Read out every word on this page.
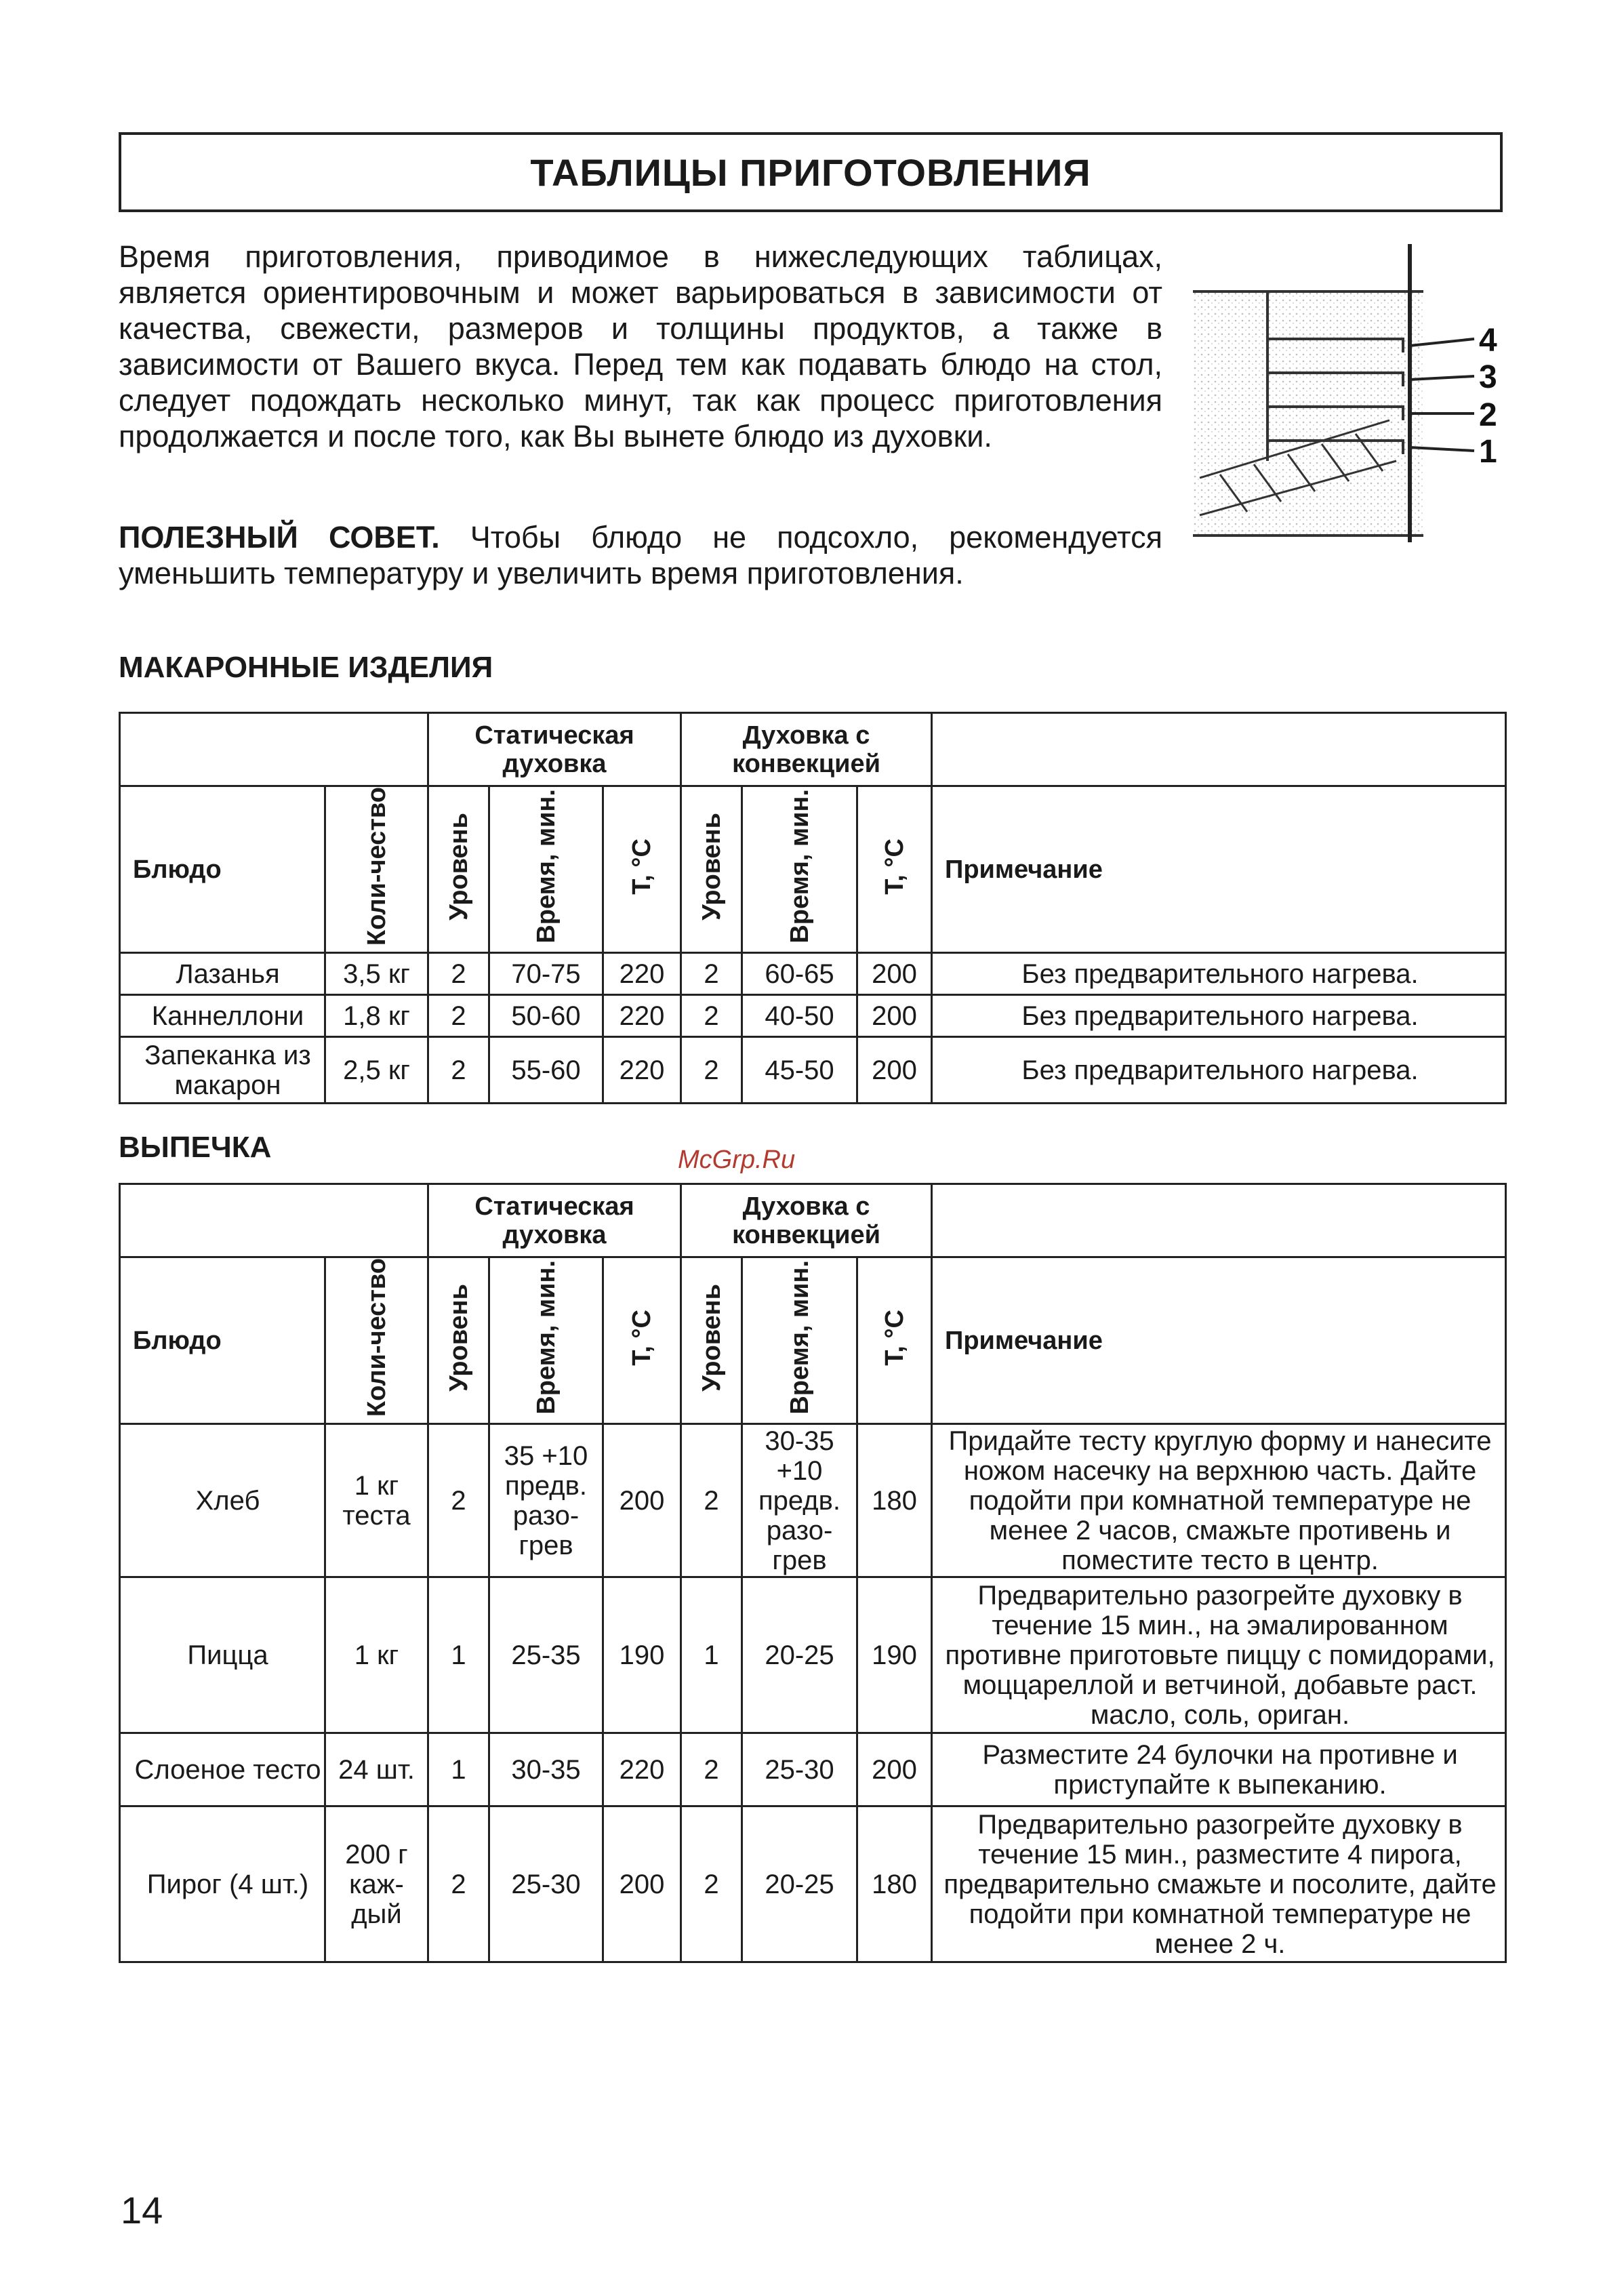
ТАБЛИЦЫ ПРИГОТОВЛЕНИЯ

Время приготовления, приводимое в нижеследующих таблицах, является ориентировочным и может варьироваться в зависимости от качества, свежести, размеров и толщины продуктов, а также в зависимости от Вашего вкуса. Перед тем как подавать блюдо на стол, следует подождать несколько минут, так как процесс приготовления продолжается и после того, как Вы вынете блюдо из духовки.

ПОЛЕЗНЫЙ СОВЕТ. Чтобы блюдо не подсохло, рекомендуется уменьшить температуру и увеличить время приготовления.

4
3
2
1
МАКАРОННЫЕ ИЗДЕЛИЯ
		Статическая духовка			Духовка с конвекцией			
Блюдо	Коли-чество	Уровень	Время, мин.	T, °C	Уровень	Время, мин.	T, °C	Примечание
Лазанья	3,5 кг	2	70-75	220	2	60-65	200	Без предварительного нагрева.
Каннеллони	1,8 кг	2	50-60	220	2	40-50	200	Без предварительного нагрева.
Запеканка из макарон	2,5 кг	2	55-60	220	2	45-50	200	Без предварительного нагрева.
ВЫПЕЧКА	McGrp.Ru
		Статическая духовка			Духовка с конвекцией			
Блюдо	Коли-чество	Уровень	Время, мин.	T, °C	Уровень	Время, мин.	T, °C	Примечание
Хлеб	1 кг теста	2	35 +10 предв. разо-грев	200	2	30-35 +10 предв. разо-грев	180	Придайте тесту круглую форму и нанесите ножом насечку на верхнюю часть. Дайте подойти при комнатной температуре не менее 2 часов, смажьте противень и поместите тесто в центр.
Пицца	1 кг	1	25-35	190	1	20-25	190	Предварительно разогрейте духовку в течение 15 мин., на эмалированном противне приготовьте пиццу с помидорами, моццареллой и ветчиной, добавьте раст. масло, соль, ориган.
Слоеное тесто	24 шт.	1	30-35	220	2	25-30	200	Разместите 24 булочки на противне и приступайте к выпеканию.
Пирог (4 шт.)	200 г каж-дый	2	25-30	200	2	20-25	180	Предварительно разогрейте духовку в течение 15 мин., разместите 4 пирога, предварительно смажьте и посолите, дайте подойти при комнатной температуре не менее 2 ч.
14
